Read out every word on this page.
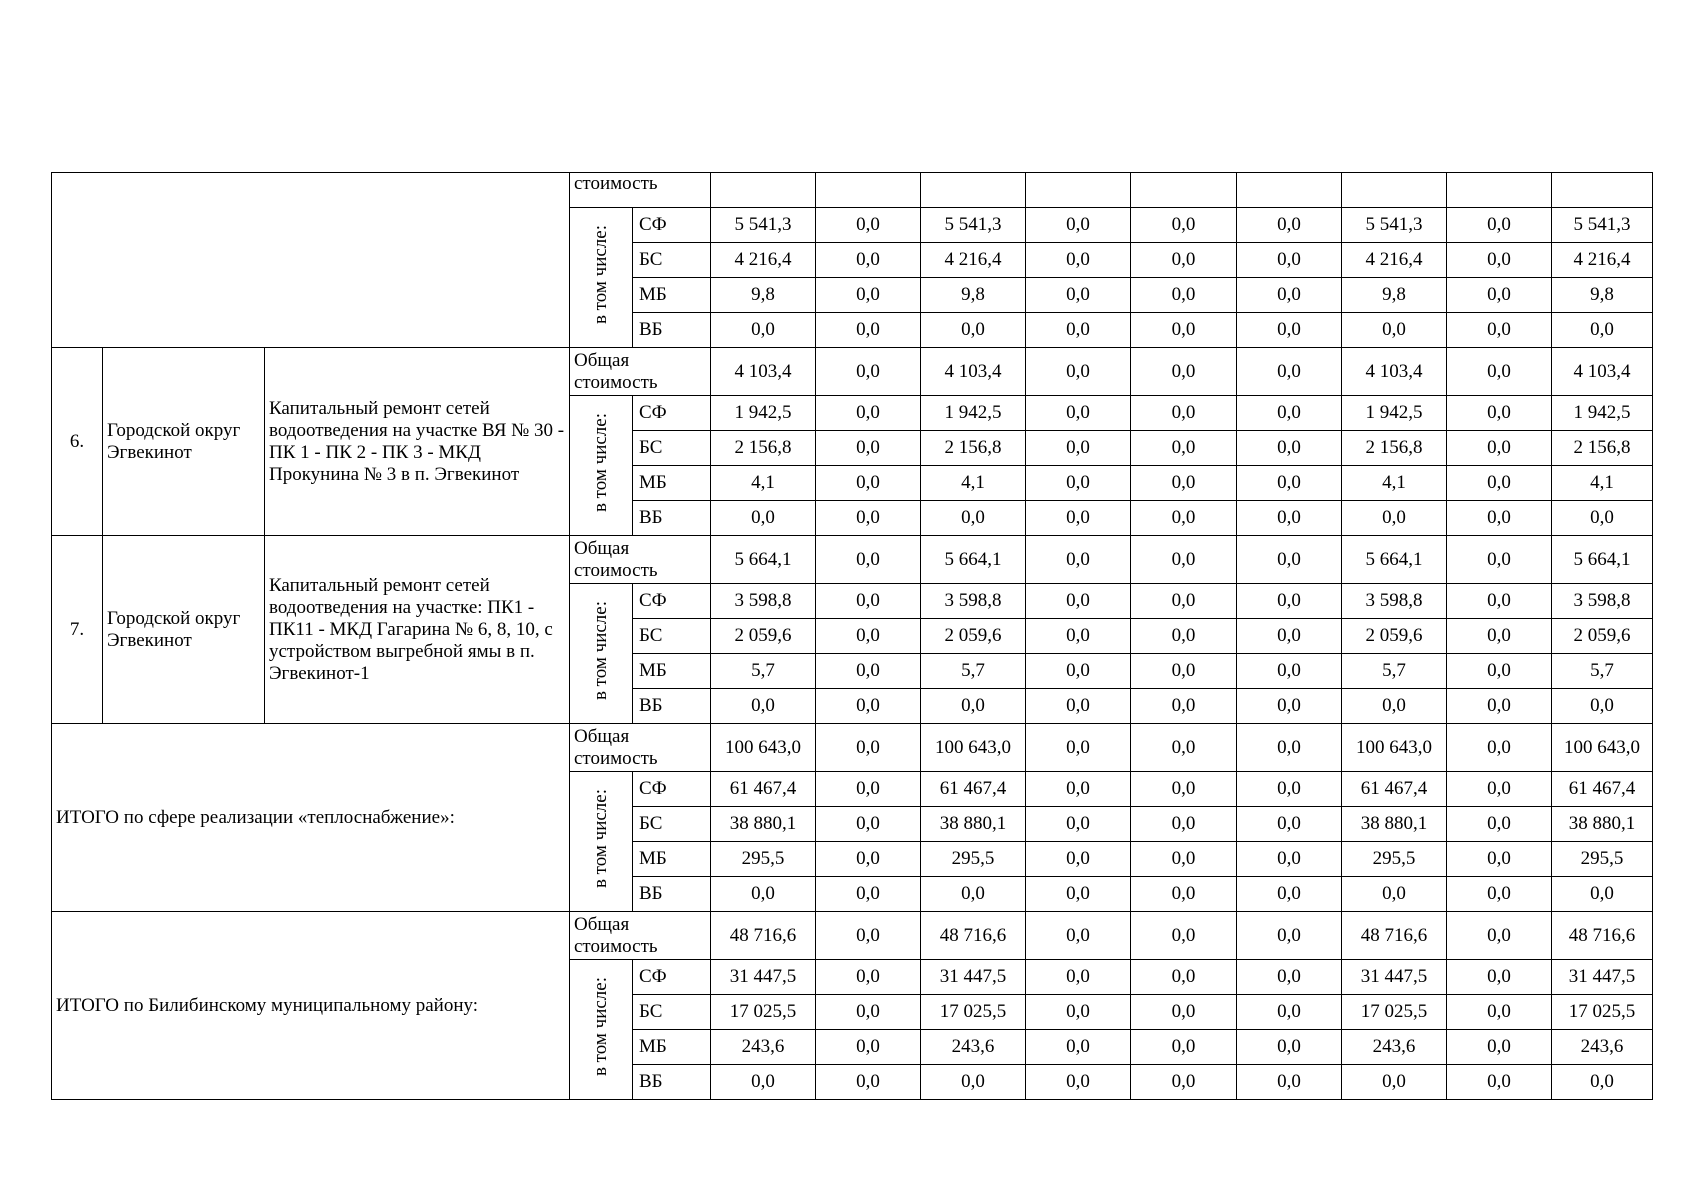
			стоимость										
			в том числе:	СФ	5 541,3	0,0	5 541,3	0,0	0,0	0,0	5 541,3	0,0	5 541,3
				БС	4 216,4	0,0	4 216,4	0,0	0,0	0,0	4 216,4	0,0	4 216,4
				МБ	9,8	0,0	9,8	0,0	0,0	0,0	9,8	0,0	9,8
				ВБ	0,0	0,0	0,0	0,0	0,0	0,0	0,0	0,0	0,0
6.	Городской округ Эгвекинот	Капитальный ремонт сетей водоотведения на участке ВЯ № 30 - ПК 1 - ПК 2 - ПК 3 - МКД Прокунина № 3 в п. Эгвекинот	Общая стоимость		4 103,4	0,0	4 103,4	0,0	0,0	0,0	4 103,4	0,0	4 103,4
			в том числе:	СФ	1 942,5	0,0	1 942,5	0,0	0,0	0,0	1 942,5	0,0	1 942,5
				БС	2 156,8	0,0	2 156,8	0,0	0,0	0,0	2 156,8	0,0	2 156,8
				МБ	4,1	0,0	4,1	0,0	0,0	0,0	4,1	0,0	4,1
				ВБ	0,0	0,0	0,0	0,0	0,0	0,0	0,0	0,0	0,0
7.	Городской округ Эгвекинот	Капитальный ремонт сетей водоотведения на участке: ПК1 - ПК11 - МКД Гагарина № 6, 8, 10, с устройством выгребной ямы в п. Эгвекинот-1	Общая стоимость		5 664,1	0,0	5 664,1	0,0	0,0	0,0	5 664,1	0,0	5 664,1
			в том числе:	СФ	3 598,8	0,0	3 598,8	0,0	0,0	0,0	3 598,8	0,0	3 598,8
				БС	2 059,6	0,0	2 059,6	0,0	0,0	0,0	2 059,6	0,0	2 059,6
				МБ	5,7	0,0	5,7	0,0	0,0	0,0	5,7	0,0	5,7
				ВБ	0,0	0,0	0,0	0,0	0,0	0,0	0,0	0,0	0,0
ИТОГО по сфере реализации «теплоснабжение»:			Общая стоимость		100 643,0	0,0	100 643,0	0,0	0,0	0,0	100 643,0	0,0	100 643,0
			в том числе:	СФ	61 467,4	0,0	61 467,4	0,0	0,0	0,0	61 467,4	0,0	61 467,4
				БС	38 880,1	0,0	38 880,1	0,0	0,0	0,0	38 880,1	0,0	38 880,1
				МБ	295,5	0,0	295,5	0,0	0,0	0,0	295,5	0,0	295,5
				ВБ	0,0	0,0	0,0	0,0	0,0	0,0	0,0	0,0	0,0
ИТОГО по Билибинскому муниципальному району:			Общая стоимость		48 716,6	0,0	48 716,6	0,0	0,0	0,0	48 716,6	0,0	48 716,6
			в том числе:	СФ	31 447,5	0,0	31 447,5	0,0	0,0	0,0	31 447,5	0,0	31 447,5
				БС	17 025,5	0,0	17 025,5	0,0	0,0	0,0	17 025,5	0,0	17 025,5
				МБ	243,6	0,0	243,6	0,0	0,0	0,0	243,6	0,0	243,6
				ВБ	0,0	0,0	0,0	0,0	0,0	0,0	0,0	0,0	0,0
